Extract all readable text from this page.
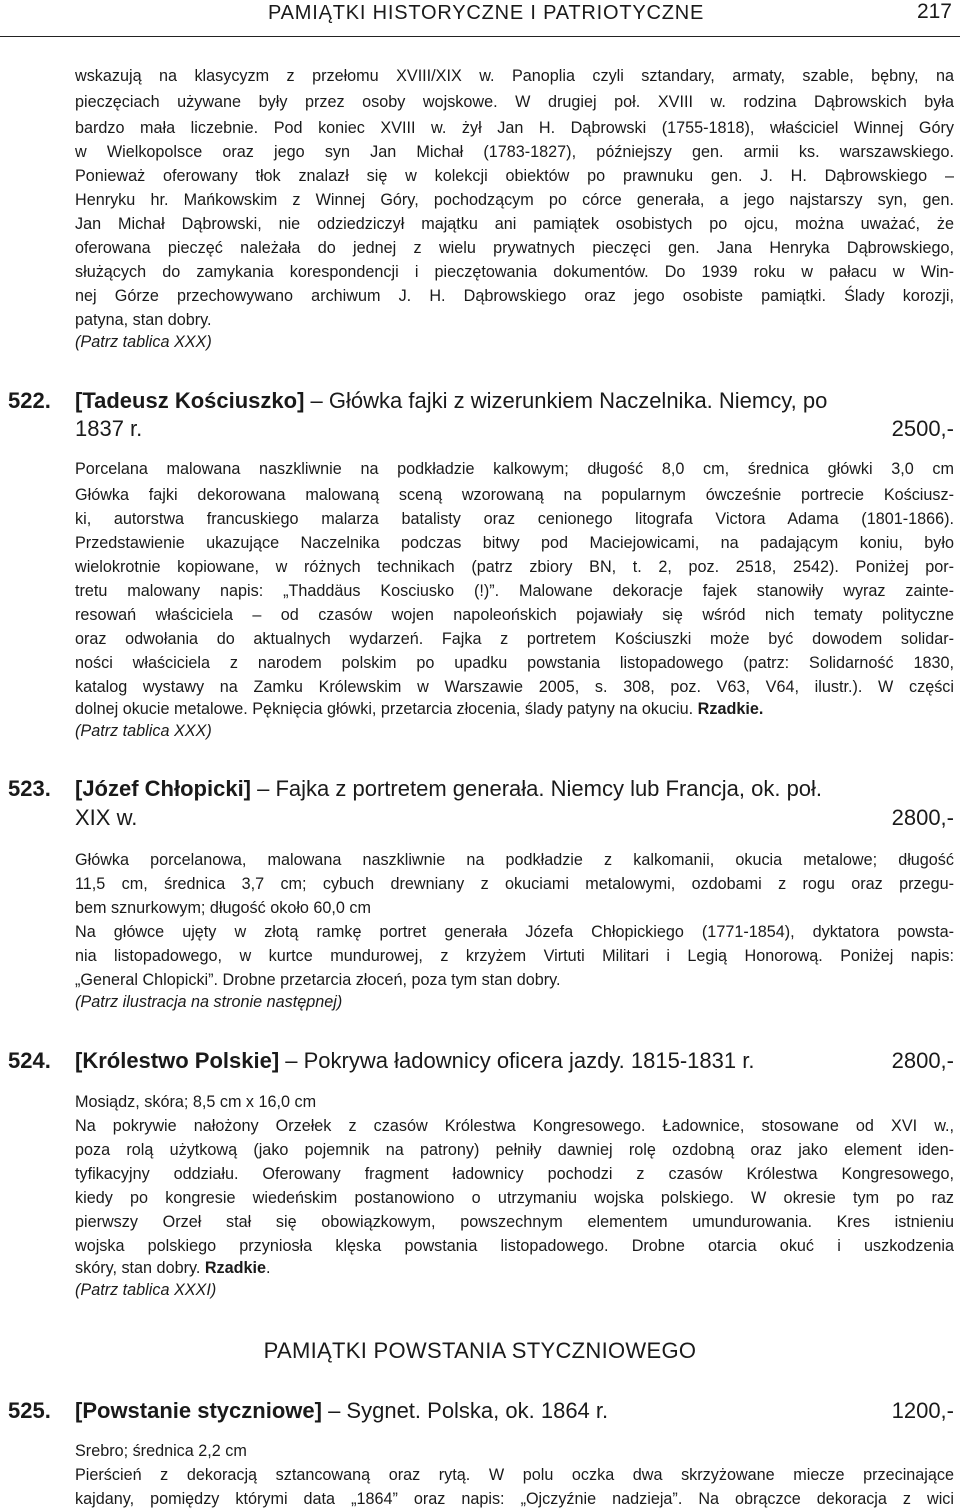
PAMIĄTKI HISTORYCZNE I PATRIOTYCZNE	217
wskazują na klasycyzm z przełomu XVIII/XIX w. Panoplia czyli sztandary, armaty, szable, bębny, na
pieczęciach używane były przez osoby wojskowe. W drugiej poł. XVIII w. rodzina Dąbrowskich była
bardzo mała liczebnie. Pod koniec XVIII w. żył Jan H. Dąbrowski (1755-1818), właściciel Winnej Góry
w Wielkopolsce oraz jego syn Jan Michał (1783-1827), późniejszy gen. armii ks. warszawskiego.
Ponieważ oferowany tłok znalazł się w kolekcji obiektów po prawnuku gen. J. H. Dąbrowskiego –
Henryku hr. Mańkowskim z Winnej Góry, pochodzącym po córce generała, a jego najstarszy syn, gen.
Jan Michał Dąbrowski, nie odziedziczył majątku ani pamiątek osobistych po ojcu, można uważać, że
oferowana pieczęć należała do jednej z wielu prywatnych pieczęci gen. Jana Henryka Dąbrowskiego,
służących do zamykania korespondencji i pieczętowania dokumentów. Do 1939 roku w pałacu w Win-
nej Górze przechowywano archiwum J. H. Dąbrowskiego oraz jego osobiste pamiątki. Ślady korozji,
patyna, stan dobry.
(Patrz tablica XXX)
522.	[Tadeusz Kościuszko] – Główka fajki z wizerunkiem Naczelnika. Niemcy, po
1837 r.	2500,-
Porcelana malowana naszkliwnie na podkładzie kalkowym; długość 8,0 cm, średnica główki 3,0 cm
Główka fajki dekorowana malowaną sceną wzorowaną na popularnym ówcześnie portrecie Kościusz-
ki, autorstwa francuskiego malarza batalisty oraz cenionego litografa Victora Adama (1801-1866).
Przedstawienie ukazujące Naczelnika podczas bitwy pod Maciejowicami, na padającym koniu, było
wielokrotnie kopiowane, w różnych technikach (patrz zbiory BN, t. 2, poz. 2518, 2542). Poniżej por-
tretu malowany napis: „Thaddäus Kosciusko (!)”. Malowane dekoracje fajek stanowiły wyraz zainte-
resowań właściciela – od czasów wojen napoleońskich pojawiały się wśród nich tematy polityczne
oraz odwołania do aktualnych wydarzeń. Fajka z portretem Kościuszki może być dowodem solidar-
ności właściciela z narodem polskim po upadku powstania listopadowego (patrz: Solidarność 1830,
katalog wystawy na Zamku Królewskim w Warszawie 2005, s. 308, poz. V63, V64, ilustr.). W części
dolnej okucie metalowe. Pęknięcia główki, przetarcia złocenia, ślady patyny na okuciu. Rzadkie.
(Patrz tablica XXX)
523.	[Józef Chłopicki] – Fajka z portretem generała. Niemcy lub Francja, ok. poł.
XIX w.	2800,-
Główka porcelanowa, malowana naszkliwnie na podkładzie z kalkomanii, okucia metalowe; długość
11,5 cm, średnica 3,7 cm; cybuch drewniany z okuciami metalowymi, ozdobami z rogu oraz przegu-
bem sznurkowym; długość około 60,0 cm
Na główce ujęty w złotą ramkę portret generała Józefa Chłopickiego (1771-1854), dyktatora powsta-
nia listopadowego, w kurtce mundurowej, z krzyżem Virtuti Militari i Legią Honorową. Poniżej napis:
„General Chlopicki”. Drobne przetarcia złoceń, poza tym stan dobry.
(Patrz ilustracja na stronie następnej)
524.	[Królestwo Polskie] – Pokrywa ładownicy oficera jazdy. 1815-1831 r.	2800,-
Mosiądz, skóra; 8,5 cm x 16,0 cm
Na pokrywie nałożony Orzełek z czasów Królestwa Kongresowego. Ładownice, stosowane od XVI w.,
poza rolą użytkową (jako pojemnik na patrony) pełniły dawniej rolę ozdobną oraz jako element iden-
tyfikacyjny oddziału. Oferowany fragment ładownicy pochodzi z czasów Królestwa Kongresowego,
kiedy po kongresie wiedeńskim postanowiono o utrzymaniu wojska polskiego. W okresie tym po raz
pierwszy Orzeł stał się obowiązkowym, powszechnym elementem umundurowania. Kres istnieniu
wojska polskiego przyniosła klęska powstania listopadowego. Drobne otarcia okuć i uszkodzenia
skóry, stan dobry. Rzadkie.
(Patrz tablica XXXI)
PAMIĄTKI POWSTANIA STYCZNIOWEGO
525.	[Powstanie styczniowe] – Sygnet. Polska, ok. 1864 r.	1200,-
Srebro; średnica 2,2 cm
Pierścień z dekoracją sztancowaną oraz rytą. W polu oczka dwa skrzyżowane miecze przecinające
kajdany, pomiędzy którymi data „1864” oraz napis: „Ojczyźnie nadzieja”. Na obrączce dekoracja z wici
